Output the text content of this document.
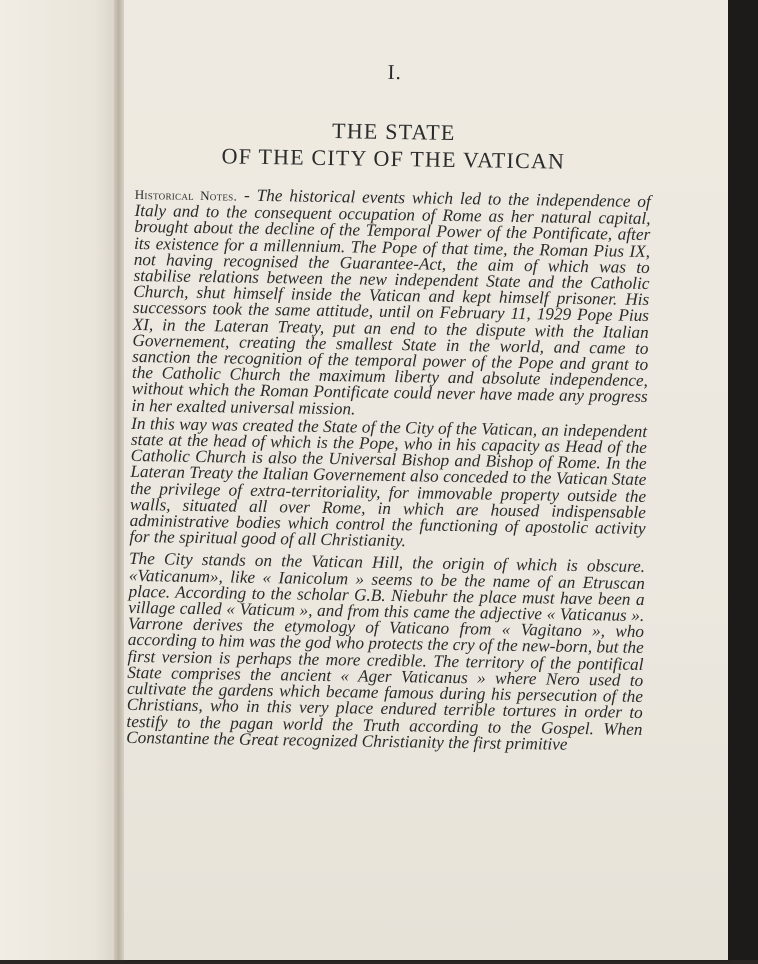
I.
THE STATE
OF THE CITY OF THE VATICAN

Historical Notes. - The historical events which led to the independence of Italy and to the consequent occupation of Rome as her natural capital, brought about the decline of the Temporal Power of the Pontificate, after its existence for a millennium. The Pope of that time, the Roman Pius IX, not having recognised the Guarantee-Act, the aim of which was to stabilise relations between the new independent State and the Catholic Church, shut himself inside the Vatican and kept himself prisoner. His successors took the same attitude, until on February 11, 1929 Pope Pius XI, in the Lateran Treaty, put an end to the dispute with the Italian Governement, creating the smallest State in the world, and came to sanction the recognition of the temporal power of the Pope and grant to the Catholic Church the maximum liberty and absolute independence, without which the Roman Pontificate could never have made any progress in her exalted universal mission.

In this way was created the State of the City of the Vatican, an independent state at the head of which is the Pope, who in his capacity as Head of the Catholic Church is also the Universal Bishop and Bishop of Rome. In the Lateran Treaty the Italian Governement also conceded to the Vatican State the privilege of extra-territoriality, for immovable property outside the walls, situated all over Rome, in which are housed indispensable administrative bodies which control the functioning of apostolic activity for the spiritual good of all Christianity.

The City stands on the Vatican Hill, the origin of which is obscure. «Vaticanum», like « Ianicolum » seems to be the name of an Etruscan place. According to the scholar G.B. Niebuhr the place must have been a village called « Vaticum », and from this came the adjective « Vaticanus ». Varrone derives the etymology of Vaticano from « Vagitano », who according to him was the god who protects the cry of the new-born, but the first version is perhaps the more credible. The territory of the pontifical State comprises the ancient « Ager Vaticanus » where Nero used to cultivate the gardens which became famous during his persecution of the Christians, who in this very place endured terrible tortures in order to testify to the pagan world the Truth according to the Gospel. When Constantine the Great recognized Christianity the first primitive
